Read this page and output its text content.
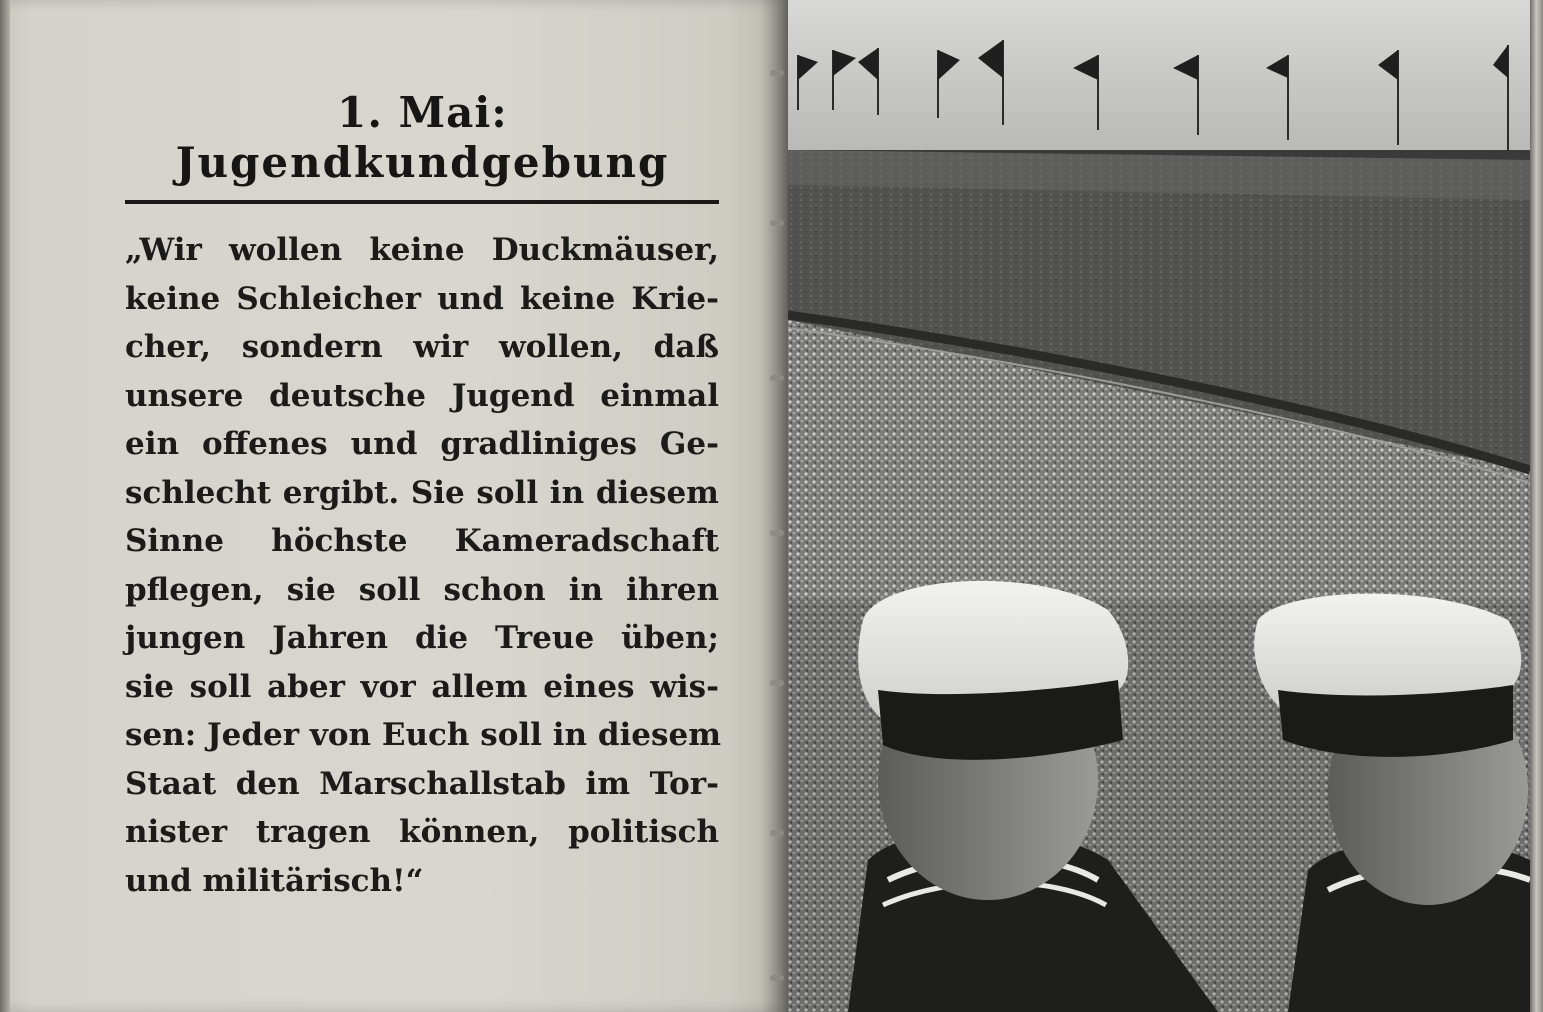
1. Mai:
Jugendkundgebung
„Wir wollen keine Duckmäuser,
keine Schleicher und keine Krie-
cher, sondern wir wollen, daß
unsere deutsche Jugend einmal
ein offenes und gradliniges Ge-
schlecht ergibt. Sie soll in diesem
Sinne höchste Kameradschaft
pflegen, sie soll schon in ihren
jungen Jahren die Treue üben;
sie soll aber vor allem eines wis-
sen: Jeder von Euch soll in diesem
Staat den Marschallstab im Tor-
nister tragen können, politisch
und militärisch!“
